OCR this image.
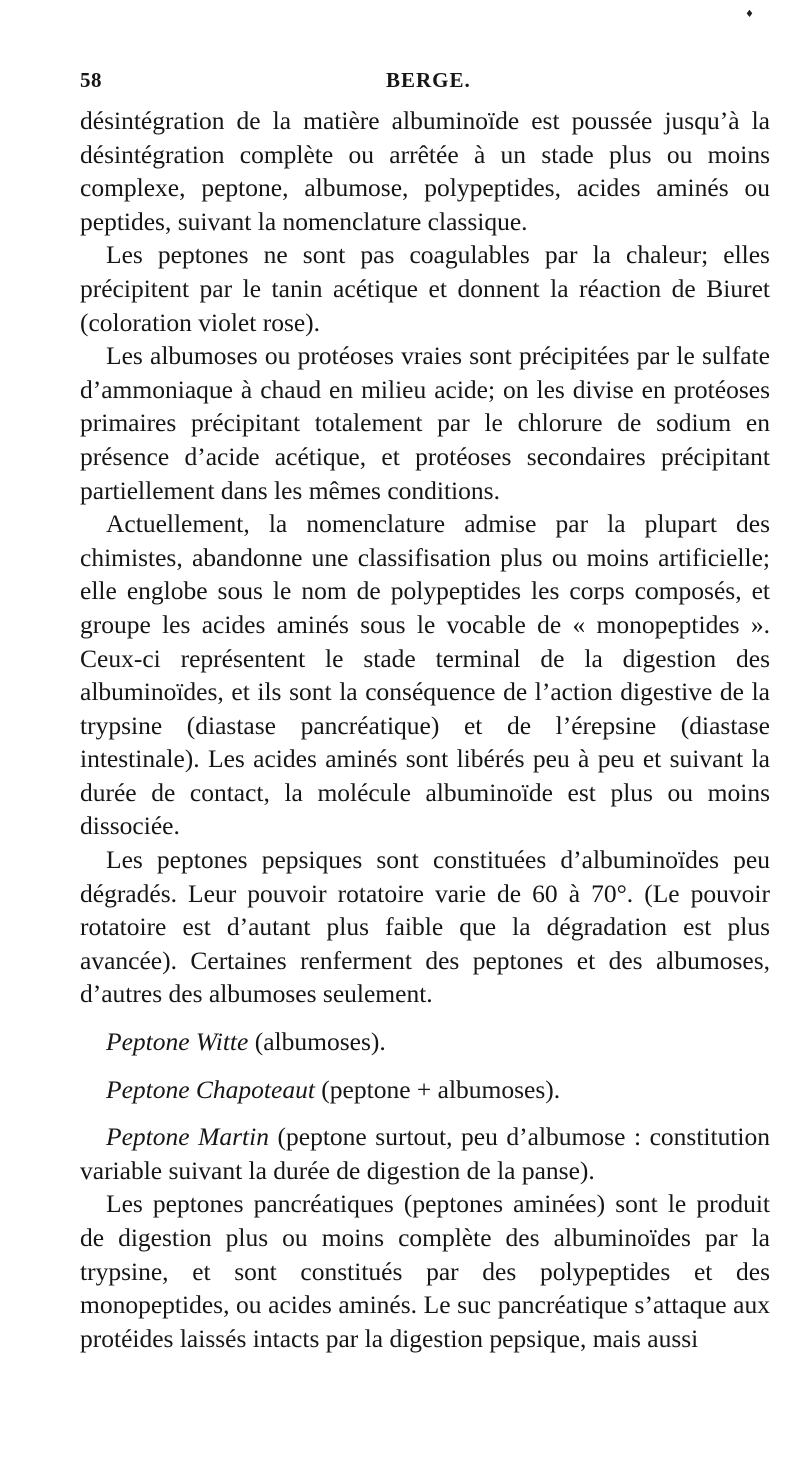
♦
58	BERGE.

désintégration de la matière albuminoïde est poussée jusqu’à la désintégration complète ou arrêtée à un stade plus ou moins complexe, peptone, albumose, polypeptides, acides aminés ou peptides, suivant la nomenclature classique.

Les peptones ne sont pas coagulables par la chaleur; elles précipitent par le tanin acétique et donnent la réaction de Biuret (coloration violet rose).

Les albumoses ou protéoses vraies sont précipitées par le sulfate d’ammoniaque à chaud en milieu acide; on les divise en protéoses primaires précipitant totalement par le chlorure de sodium en présence d’acide acétique, et protéoses secondaires précipitant partiellement dans les mêmes conditions.

Actuellement, la nomenclature admise par la plupart des chimistes, abandonne une classifisation plus ou moins artificielle; elle englobe sous le nom de polypeptides les corps composés, et groupe les acides aminés sous le vocable de « monopeptides ». Ceux-ci représentent le stade terminal de la digestion des albuminoïdes, et ils sont la conséquence de l’action digestive de la trypsine (diastase pancréatique) et de l’érepsine (diastase intestinale). Les acides aminés sont libérés peu à peu et suivant la durée de contact, la molécule albuminoïde est plus ou moins dissociée.

Les peptones pepsiques sont constituées d’albuminoïdes peu dégradés. Leur pouvoir rotatoire varie de 60 à 70°. (Le pouvoir rotatoire est d’autant plus faible que la dégradation est plus avancée). Certaines renferment des peptones et des albumoses, d’autres des albumoses seulement.

Peptone Witte (albumoses).

Peptone Chapoteaut (peptone + albumoses).

Peptone Martin (peptone surtout, peu d’albumose : constitution variable suivant la durée de digestion de la panse).

Les peptones pancréatiques (peptones aminées) sont le produit de digestion plus ou moins complète des albuminoïdes par la trypsine, et sont constitués par des polypeptides et des monopeptides, ou acides aminés. Le suc pancréatique s’attaque aux protéides laissés intacts par la digestion pepsique, mais aussi
